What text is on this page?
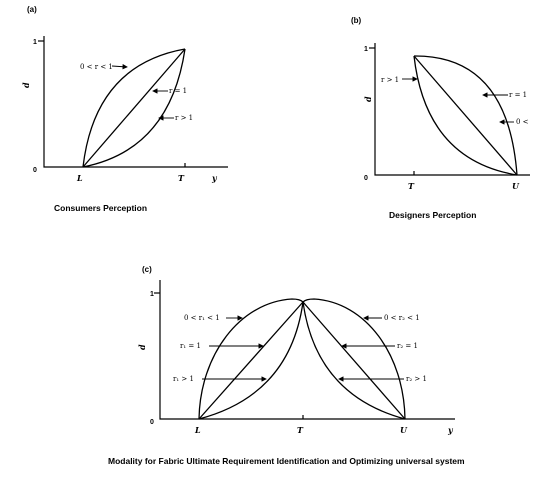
(a)
1
0
d
L	T	y
0 < r < 1
r = 1
r > 1
Consumers Perception
(b)
1
0
d
T	U
r > 1
r = 1
0 <
Designers Perception
(c)
1
0
d
L	T	U	y
0 < r₁ < 1
r₁ = 1
r₁ > 1
0 < r₂ < 1
r₂ = 1
r₂ > 1
Modality for Fabric Ultimate Requirement Identification and Optimizing universal system
